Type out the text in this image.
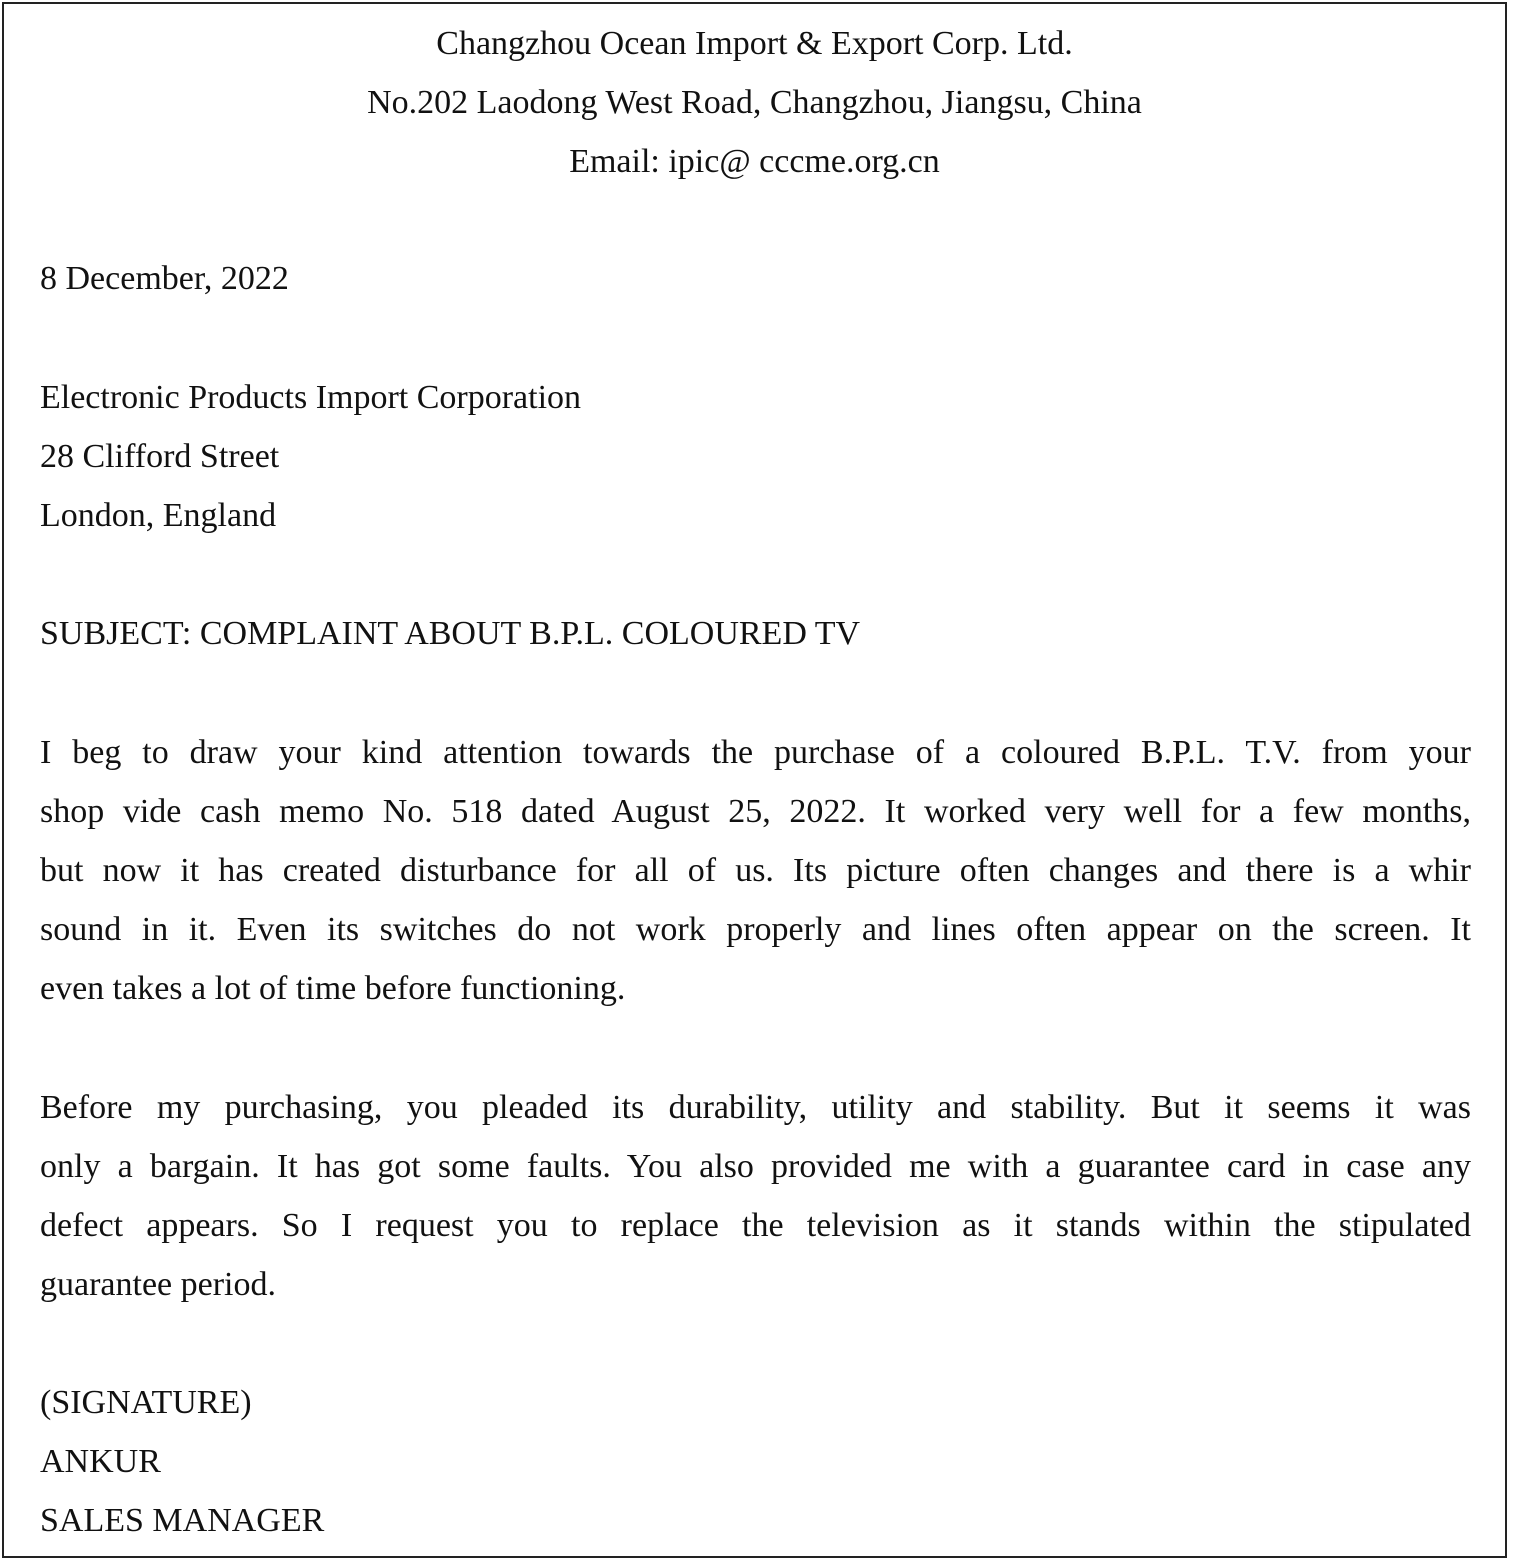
Changzhou Ocean Import & Export Corp. Ltd.
No.202 Laodong West Road, Changzhou, Jiangsu, China
Email: ipic@ cccme.org.cn
8 December, 2022
Electronic Products Import Corporation
28 Clifford Street
London, England
SUBJECT: COMPLAINT ABOUT B.P.L. COLOURED TV
I beg to draw your kind attention towards the purchase of a coloured B.P.L. T.V. from your
shop vide cash memo No. 518 dated August 25, 2022. It worked very well for a few months,
but now it has created disturbance for all of us. Its picture often changes and there is a whir
sound in it. Even its switches do not work properly and lines often appear on the screen. It
even takes a lot of time before functioning.
Before my purchasing, you pleaded its durability, utility and stability. But it seems it was
only a bargain. It has got some faults. You also provided me with a guarantee card in case any
defect appears. So I request you to replace the television as it stands within the stipulated
guarantee period.
(SIGNATURE)
ANKUR
SALES MANAGER
